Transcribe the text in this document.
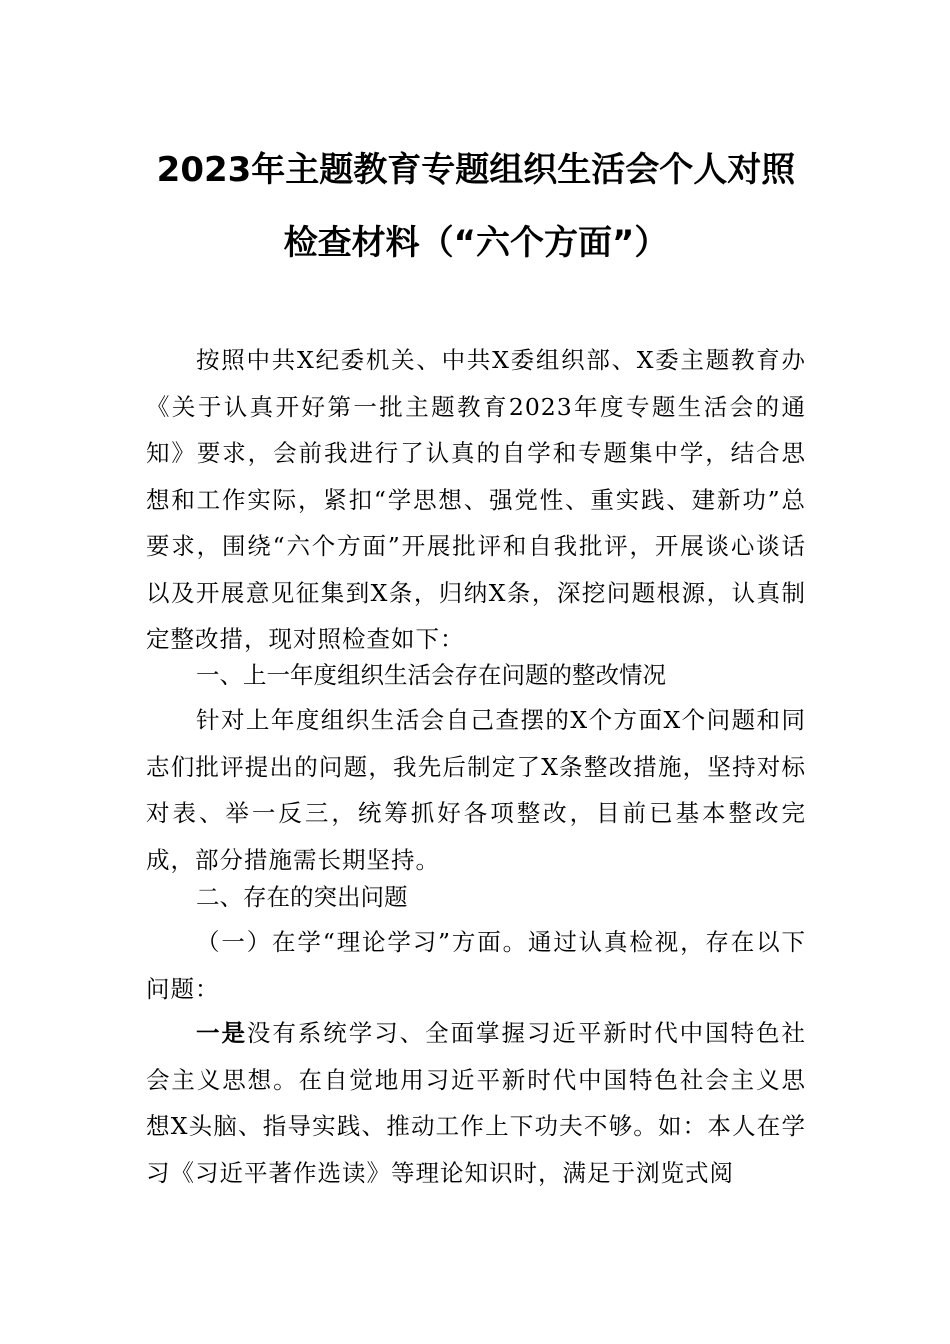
2023年主题教育专题组织生活会个人对照
检查材料（“六个方面”）
按照中共X纪委机关、中共X委组织部、X委主题教育办《关于认真开好第一批主题教育2023年度专题生活会的通知》要求，会前我进行了认真的自学和专题集中学，结合思想和工作实际，紧扣“学思想、强党性、重实践、建新功”总要求，围绕“六个方面”开展批评和自我批评，开展谈心谈话以及开展意见征集到X条，归纳X条，深挖问题根源，认真制定整改措，现对照检查如下：
一、上一年度组织生活会存在问题的整改情况
针对上年度组织生活会自己查摆的X个方面X个问题和同志们批评提出的问题，我先后制定了X条整改措施，坚持对标对表、举一反三，统筹抓好各项整改，目前已基本整改完成，部分措施需长期坚持。
二、存在的突出问题
（一）在学“理论学习”方面。通过认真检视，存在以下问题：
一是没有系统学习、全面掌握习近平新时代中国特色社会主义思想。在自觉地用习近平新时代中国特色社会主义思想X头脑、指导实践、推动工作上下功夫不够。如：本人在学习《习近平著作选读》等理论知识时，满足于浏览式阅
